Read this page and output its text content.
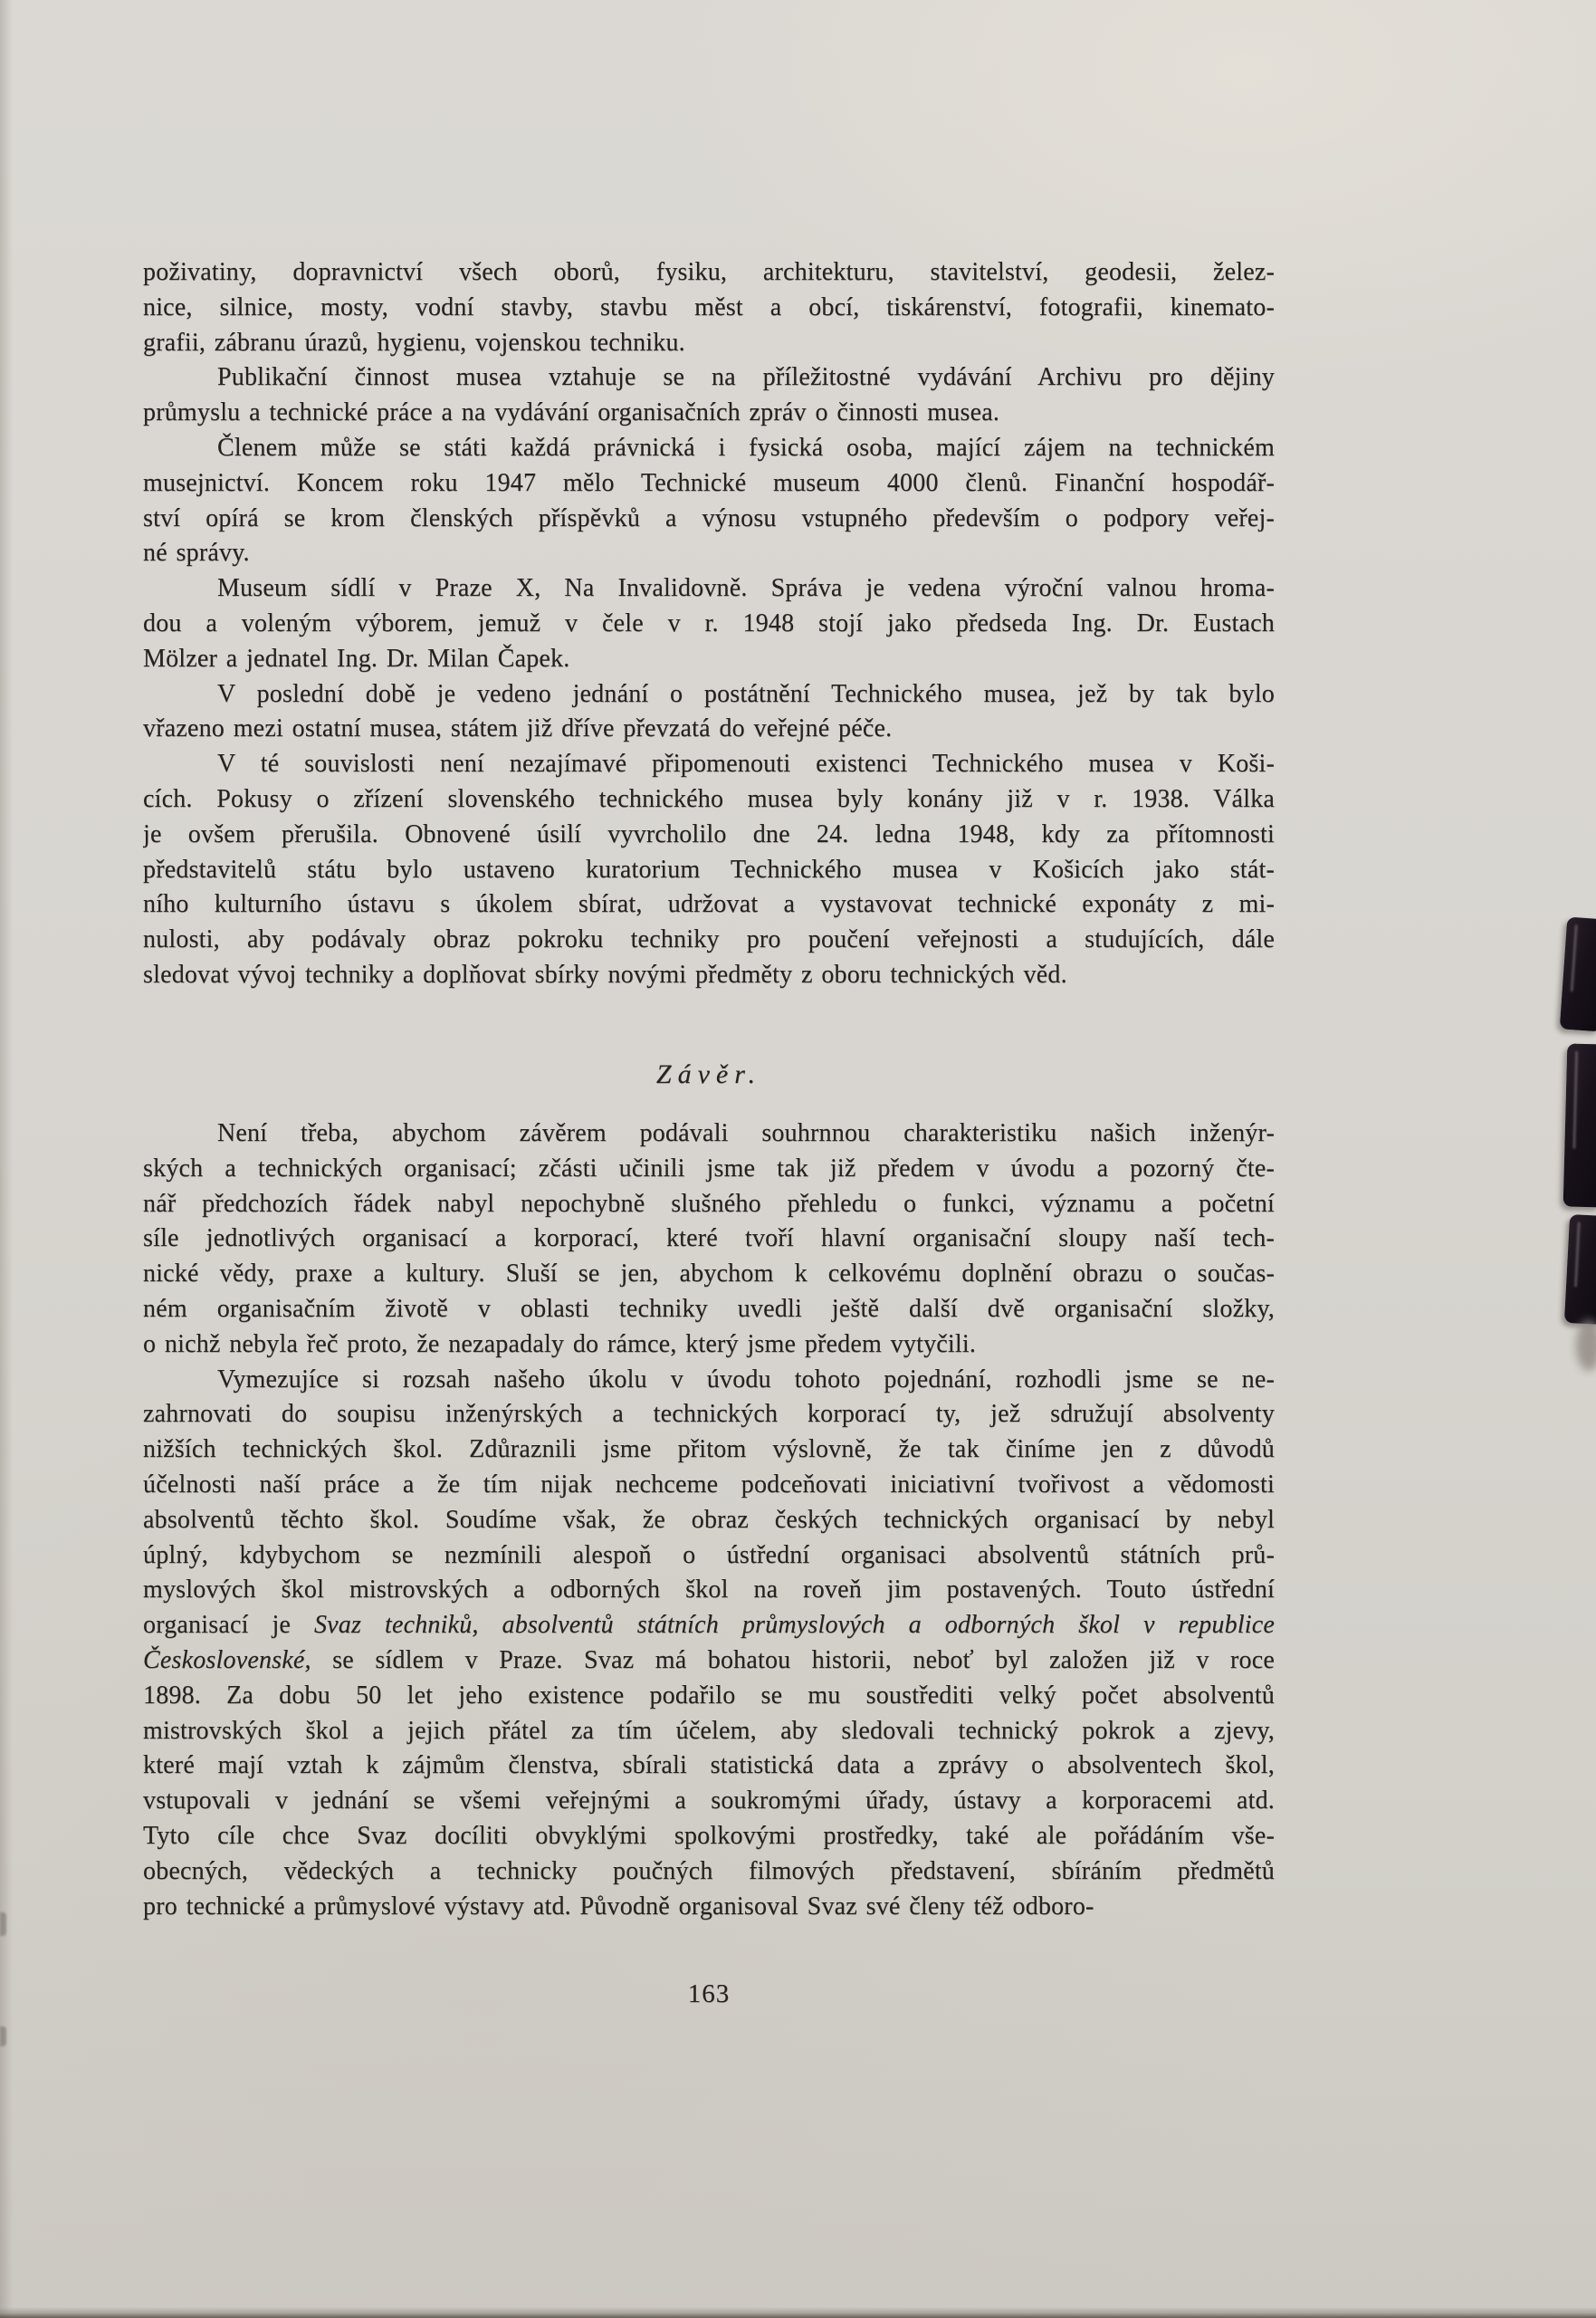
poživatiny, dopravnictví všech oborů, fysiku, architekturu, stavitelství, geodesii, želez-
nice, silnice, mosty, vodní stavby, stavbu měst a obcí, tiskárenství, fotografii, kinemato-
grafii, zábranu úrazů, hygienu, vojenskou techniku.
Publikační činnost musea vztahuje se na příležitostné vydávání Archivu pro dějiny
průmyslu a technické práce a na vydávání organisačních zpráv o činnosti musea.
Členem může se státi každá právnická i fysická osoba, mající zájem na technickém
musejnictví. Koncem roku 1947 mělo Technické museum 4000 členů. Finanční hospodář-
ství opírá se krom členských příspěvků a výnosu vstupného především o podpory veřej-
né správy.
Museum sídlí v Praze X, Na Invalidovně. Správa je vedena výroční valnou hroma-
dou a voleným výborem, jemuž v čele v r. 1948 stojí jako předseda Ing. Dr. Eustach
Mölzer a jednatel Ing. Dr. Milan Čapek.
V poslední době je vedeno jednání o postátnění Technického musea, jež by tak bylo
vřazeno mezi ostatní musea, státem již dříve převzatá do veřejné péče.
V té souvislosti není nezajímavé připomenouti existenci Technického musea v Koši-
cích. Pokusy o zřízení slovenského technického musea byly konány již v r. 1938. Válka
je ovšem přerušila. Obnovené úsilí vyvrcholilo dne 24. ledna 1948, kdy za přítomnosti
představitelů státu bylo ustaveno kuratorium Technického musea v Košicích jako stát-
ního kulturního ústavu s úkolem sbírat, udržovat a vystavovat technické exponáty z mi-
nulosti, aby podávaly obraz pokroku techniky pro poučení veřejnosti a studujících, dále
sledovat vývoj techniky a doplňovat sbírky novými předměty z oboru technických věd.
Závěr.
Není třeba, abychom závěrem podávali souhrnnou charakteristiku našich inženýr-
ských a technických organisací; zčásti učinili jsme tak již předem v úvodu a pozorný čte-
nář předchozích řádek nabyl nepochybně slušného přehledu o funkci, významu a početní
síle jednotlivých organisací a korporací, které tvoří hlavní organisační sloupy naší tech-
nické vědy, praxe a kultury. Sluší se jen, abychom k celkovému doplnění obrazu o součas-
ném organisačním životě v oblasti techniky uvedli ještě další dvě organisační složky,
o nichž nebyla řeč proto, že nezapadaly do rámce, který jsme předem vytyčili.
Vymezujíce si rozsah našeho úkolu v úvodu tohoto pojednání, rozhodli jsme se ne-
zahrnovati do soupisu inženýrských a technických korporací ty, jež sdružují absolventy
nižších technických škol. Zdůraznili jsme přitom výslovně, že tak činíme jen z důvodů
účelnosti naší práce a že tím nijak nechceme podceňovati iniciativní tvořivost a vědomosti
absolventů těchto škol. Soudíme však, že obraz českých technických organisací by nebyl
úplný, kdybychom se nezmínili alespoň o ústřední organisaci absolventů státních prů-
myslových škol mistrovských a odborných škol na roveň jim postavených. Touto ústřední
organisací je Svaz techniků, absolventů státních průmyslových a odborných škol v republice
Československé, se sídlem v Praze. Svaz má bohatou historii, neboť byl založen již v roce
1898. Za dobu 50 let jeho existence podařilo se mu soustřediti velký počet absolventů
mistrovských škol a jejich přátel za tím účelem, aby sledovali technický pokrok a zjevy,
které mají vztah k zájmům členstva, sbírali statistická data a zprávy o absolventech škol,
vstupovali v jednání se všemi veřejnými a soukromými úřady, ústavy a korporacemi atd.
Tyto cíle chce Svaz docíliti obvyklými spolkovými prostředky, také ale pořádáním vše-
obecných, vědeckých a technicky poučných filmových představení, sbíráním předmětů
pro technické a průmyslové výstavy atd. Původně organisoval Svaz své členy též odboro-
163
